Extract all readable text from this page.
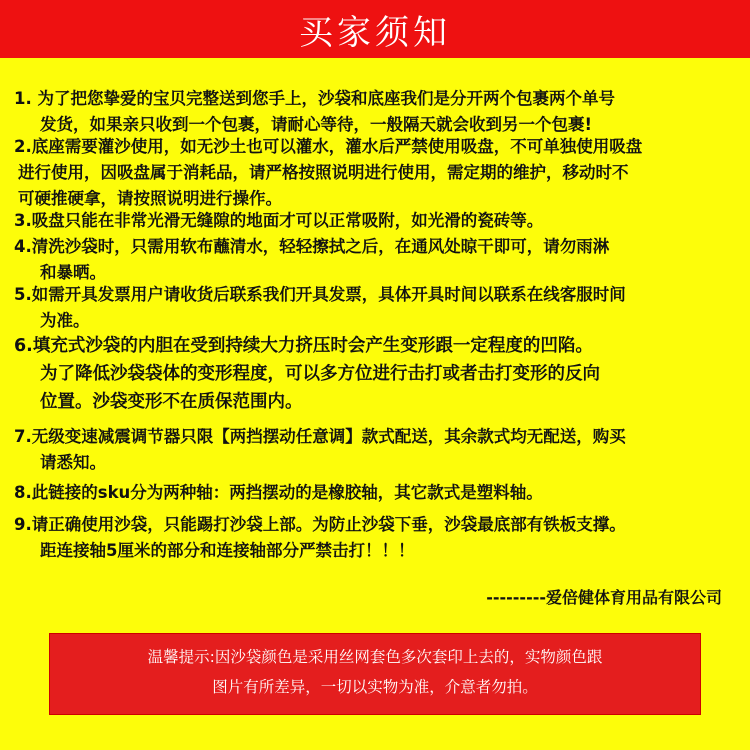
买家须知
1. 为了把您挚爱的宝贝完整送到您手上，沙袋和底座我们是分开两个包裹两个单号
发货，如果亲只收到一个包裹，请耐心等待，一般隔天就会收到另一个包裹!
2.底座需要灌沙使用，如无沙土也可以灌水，灌水后严禁使用吸盘，不可单独使用吸盘
进行使用，因吸盘属于消耗品，请严格按照说明进行使用，需定期的维护，移动时不
可硬推硬拿，请按照说明进行操作。
3.吸盘只能在非常光滑无缝隙的地面才可以正常吸附，如光滑的瓷砖等。
4.清洗沙袋时，只需用软布蘸清水，轻轻擦拭之后，在通风处晾干即可，请勿雨淋
和暴晒。
5.如需开具发票用户请收货后联系我们开具发票，具体开具时间以联系在线客服时间
为准。
6.填充式沙袋的内胆在受到持续大力挤压时会产生变形跟一定程度的凹陷。
为了降低沙袋袋体的变形程度，可以多方位进行击打或者击打变形的反向
位置。沙袋变形不在质保范围内。
7.无级变速减震调节器只限【两挡摆动任意调】款式配送，其余款式均无配送，购买
请悉知。
8.此链接的sku分为两种轴：两挡摆动的是橡胶轴，其它款式是塑料轴。
9.请正确使用沙袋，只能踢打沙袋上部。为防止沙袋下垂，沙袋最底部有铁板支撑。
距连接轴5厘米的部分和连接轴部分严禁击打！！！
---------爱倍健体育用品有限公司
温馨提示:因沙袋颜色是采用丝网套色多次套印上去的，实物颜色跟
图片有所差异，一切以实物为准，介意者勿拍。
